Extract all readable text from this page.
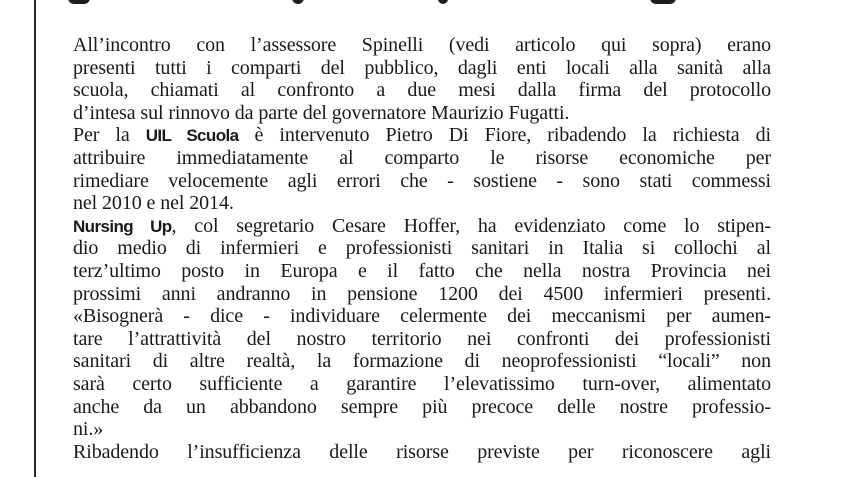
All’incontro con l’assessore Spinelli (vedi articolo qui sopra) erano
presenti tutti i comparti del pubblico, dagli enti locali alla sanità alla
scuola, chiamati al confronto a due mesi dalla firma del protocollo
d’intesa sul rinnovo da parte del governatore Maurizio Fugatti.
Per la UIL Scuola è intervenuto Pietro Di Fiore, ribadendo la richiesta di
attribuire immediatamente al comparto le risorse economiche per
rimediare velocemente agli errori che - sostiene - sono stati commessi
nel 2010 e nel 2014.
Nursing Up, col segretario Cesare Hoffer, ha evidenziato come lo stipen-
dio medio di infermieri e professionisti sanitari in Italia si collochi al
terz’ultimo posto in Europa e il fatto che nella nostra Provincia nei
prossimi anni andranno in pensione 1200 dei 4500 infermieri presenti.
«Bisognerà - dice - individuare celermente dei meccanismi per aumen-
tare l’attrattività del nostro territorio nei confronti dei professionisti
sanitari di altre realtà, la formazione di neoprofessionisti “locali” non
sarà certo sufficiente a garantire l’elevatissimo turn-over, alimentato
anche da un abbandono sempre più precoce delle nostre professio-
ni.»
Ribadendo l’insufficienza delle risorse previste per riconoscere agli
